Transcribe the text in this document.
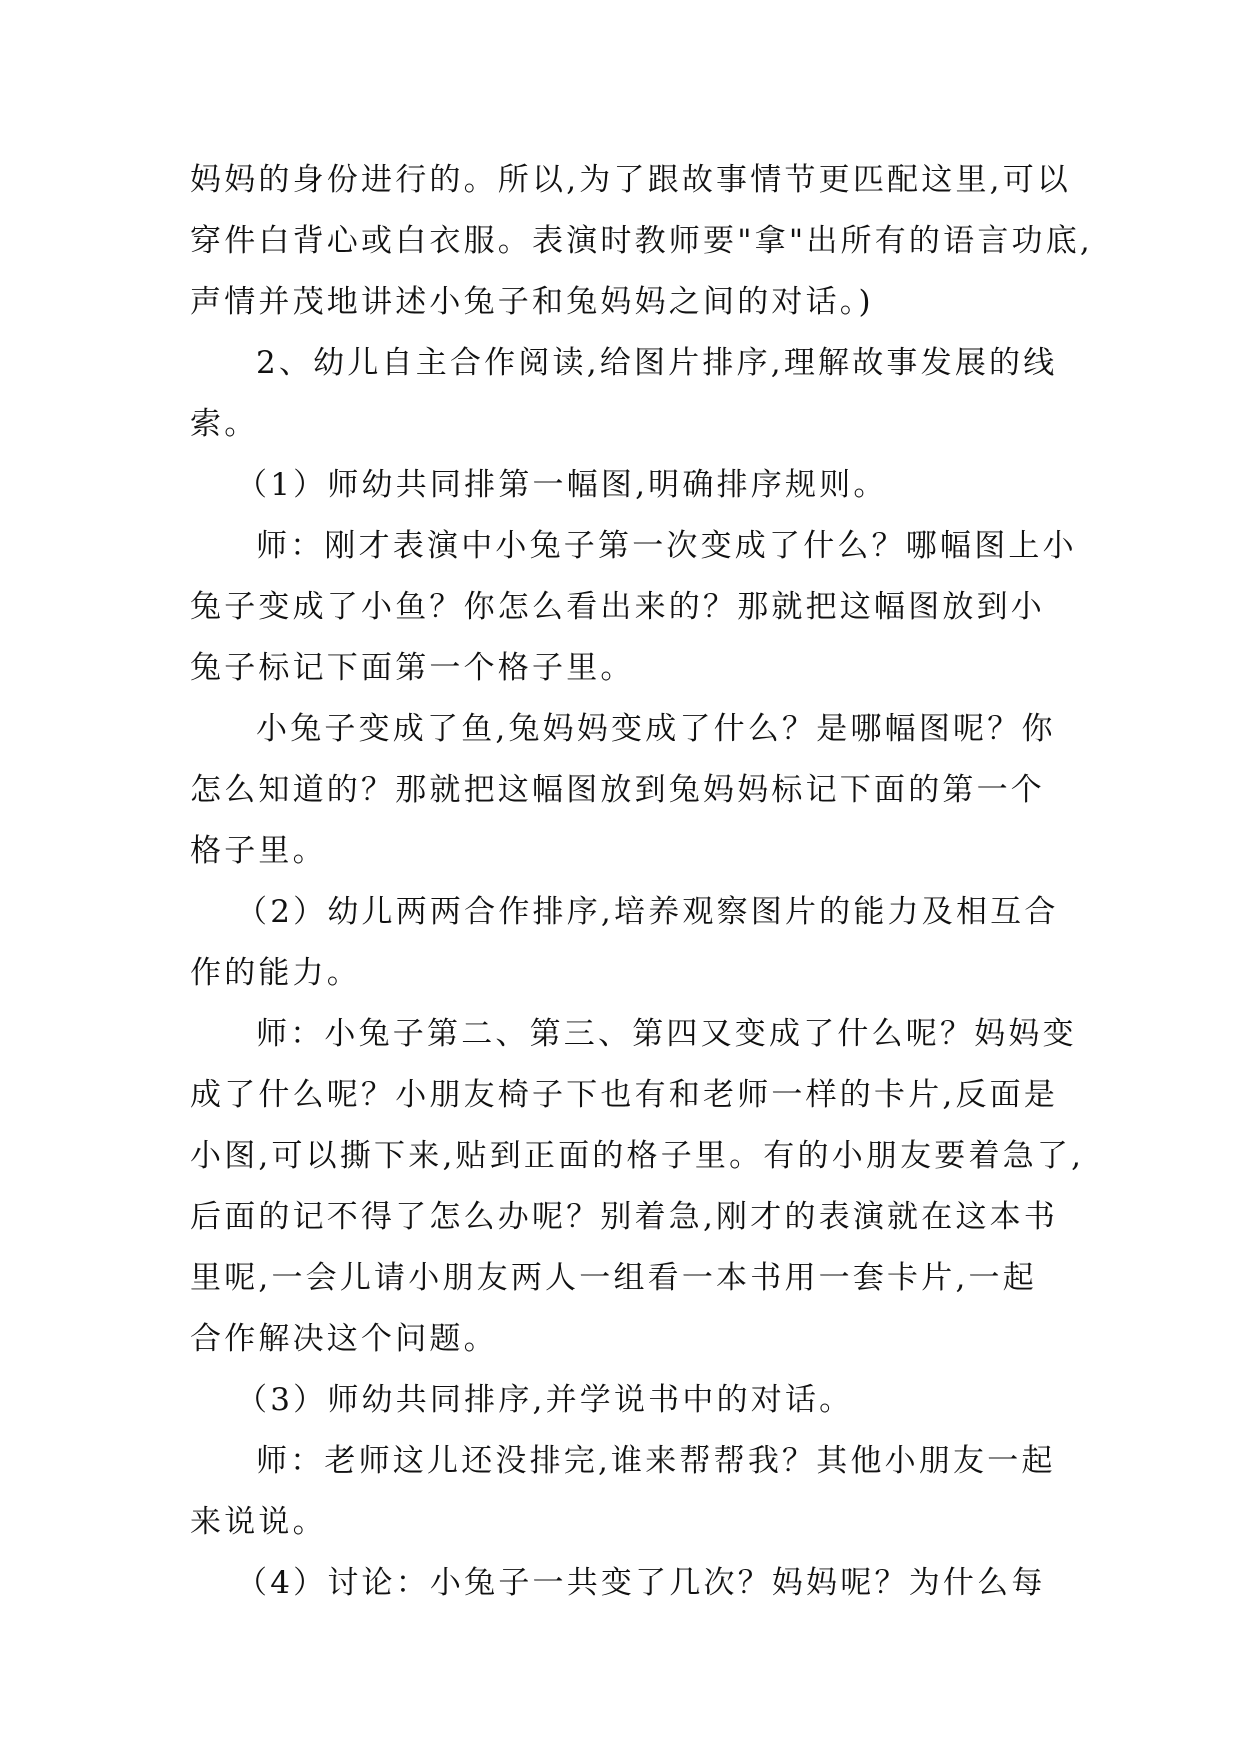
妈妈的身份进行的。所以,为了跟故事情节更匹配这里,可以
穿件白背心或白衣服。表演时教师要"拿"出所有的语言功底,
声情并茂地讲述小兔子和兔妈妈之间的对话。)
2、幼儿自主合作阅读,给图片排序,理解故事发展的线
索。
（1）师幼共同排第一幅图,明确排序规则。
师：刚才表演中小兔子第一次变成了什么？哪幅图上小
兔子变成了小鱼？你怎么看出来的？那就把这幅图放到小
兔子标记下面第一个格子里。
小兔子变成了鱼,兔妈妈变成了什么？是哪幅图呢？你
怎么知道的？那就把这幅图放到兔妈妈标记下面的第一个
格子里。
（2）幼儿两两合作排序,培养观察图片的能力及相互合
作的能力。
师：小兔子第二、第三、第四又变成了什么呢？妈妈变
成了什么呢？小朋友椅子下也有和老师一样的卡片,反面是
小图,可以撕下来,贴到正面的格子里。有的小朋友要着急了,
后面的记不得了怎么办呢？别着急,刚才的表演就在这本书
里呢,一会儿请小朋友两人一组看一本书用一套卡片,一起
合作解决这个问题。
（3）师幼共同排序,并学说书中的对话。
师：老师这儿还没排完,谁来帮帮我？其他小朋友一起
来说说。
（4）讨论：小兔子一共变了几次？妈妈呢？为什么每
